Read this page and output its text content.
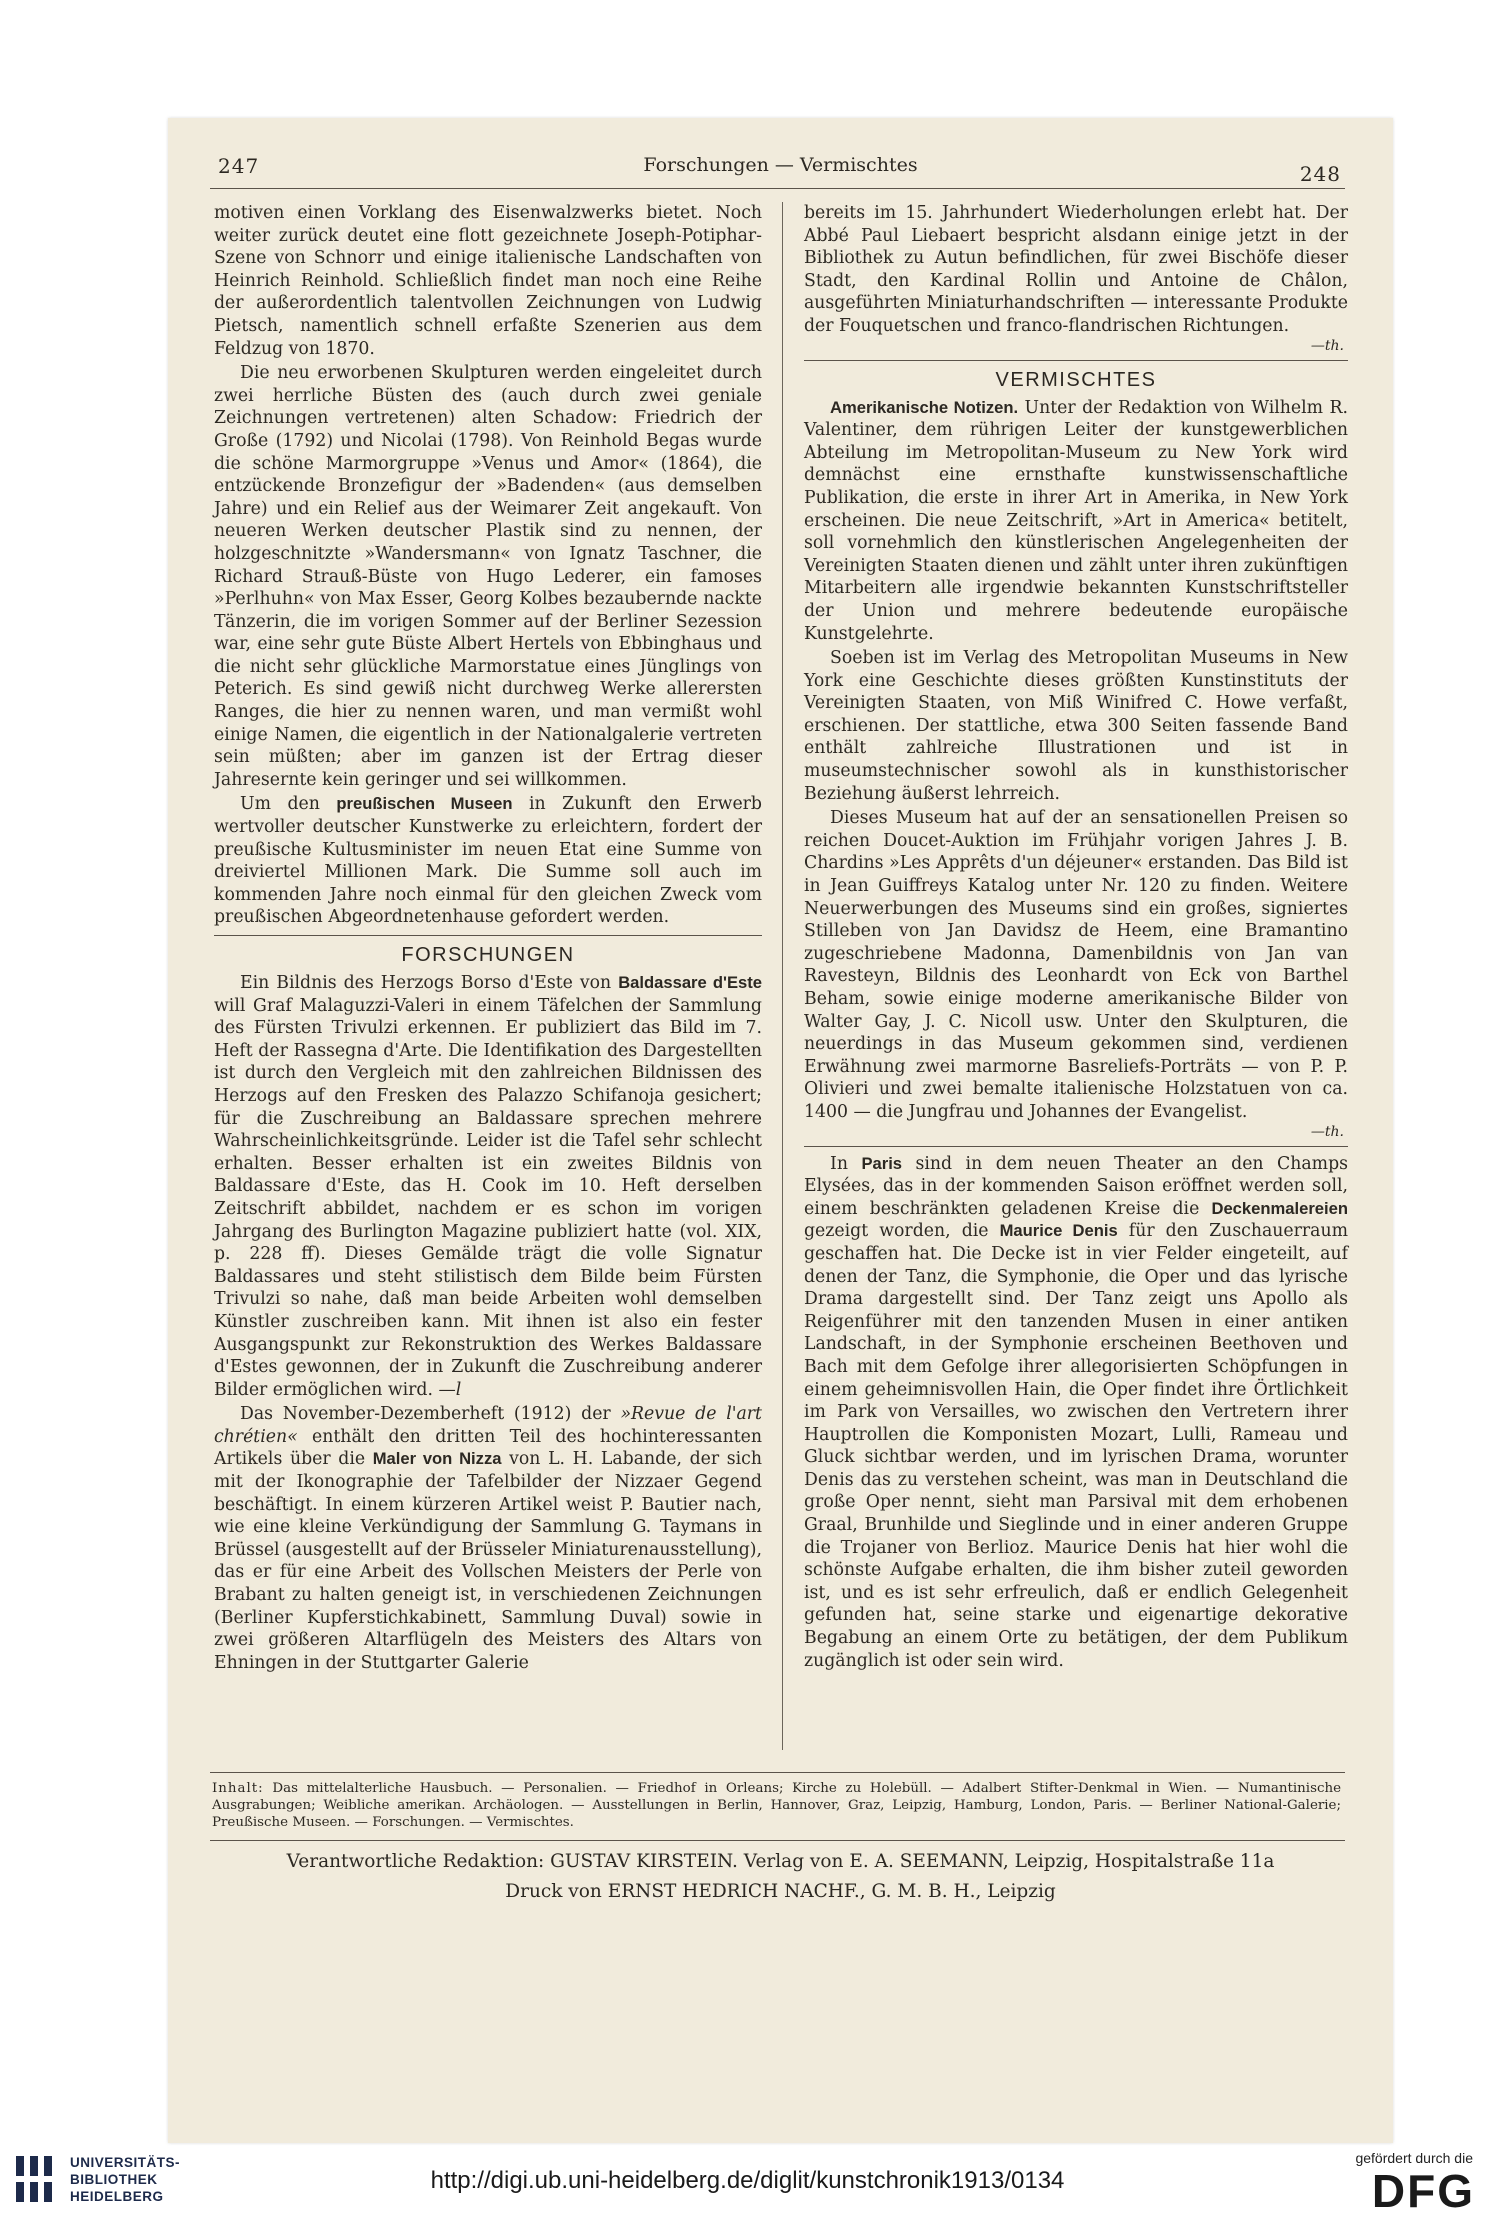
247	Forschungen — Vermischtes	248

motiven einen Vorklang des Eisenwalzwerks bietet. Noch weiter zurück deutet eine flott gezeichnete Joseph-Potiphar-Szene von Schnorr und einige italienische Landschaften von Heinrich Reinhold. Schließlich findet man noch eine Reihe der außerordentlich talentvollen Zeichnungen von Ludwig Pietsch, namentlich schnell erfaßte Szenerien aus dem Feldzug von 1870.

Die neu erworbenen Skulpturen werden eingeleitet durch zwei herrliche Büsten des (auch durch zwei geniale Zeichnungen vertretenen) alten Schadow: Friedrich der Große (1792) und Nicolai (1798). Von Reinhold Begas wurde die schöne Marmorgruppe »Venus und Amor« (1864), die entzückende Bronzefigur der »Badenden« (aus demselben Jahre) und ein Relief aus der Weimarer Zeit angekauft. Von neueren Werken deutscher Plastik sind zu nennen, der holzgeschnitzte »Wandersmann« von Ignatz Taschner, die Richard Strauß-Büste von Hugo Lederer, ein famoses »Perlhuhn« von Max Esser, Georg Kolbes bezaubernde nackte Tänzerin, die im vorigen Sommer auf der Berliner Sezession war, eine sehr gute Büste Albert Hertels von Ebbinghaus und die nicht sehr glückliche Marmorstatue eines Jünglings von Peterich. Es sind gewiß nicht durchweg Werke allerersten Ranges, die hier zu nennen waren, und man vermißt wohl einige Namen, die eigentlich in der Nationalgalerie vertreten sein müßten; aber im ganzen ist der Ertrag dieser Jahresernte kein geringer und sei willkommen.

Um den preußischen Museen in Zukunft den Erwerb wertvoller deutscher Kunstwerke zu erleichtern, fordert der preußische Kultusminister im neuen Etat eine Summe von dreiviertel Millionen Mark. Die Summe soll auch im kommenden Jahre noch einmal für den gleichen Zweck vom preußischen Abgeordnetenhause gefordert werden.

FORSCHUNGEN

Ein Bildnis des Herzogs Borso d'Este von Baldassare d'Este will Graf Malaguzzi-Valeri in einem Täfelchen der Sammlung des Fürsten Trivulzi erkennen. Er publiziert das Bild im 7. Heft der Rassegna d'Arte. Die Identifikation des Dargestellten ist durch den Vergleich mit den zahlreichen Bildnissen des Herzogs auf den Fresken des Palazzo Schifanoja gesichert; für die Zuschreibung an Baldassare sprechen mehrere Wahrscheinlichkeitsgründe. Leider ist die Tafel sehr schlecht erhalten. Besser erhalten ist ein zweites Bildnis von Baldassare d'Este, das H. Cook im 10. Heft derselben Zeitschrift abbildet, nachdem er es schon im vorigen Jahrgang des Burlington Magazine publiziert hatte (vol. XIX, p. 228 ff). Dieses Gemälde trägt die volle Signatur Baldassares und steht stilistisch dem Bilde beim Fürsten Trivulzi so nahe, daß man beide Arbeiten wohl demselben Künstler zuschreiben kann. Mit ihnen ist also ein fester Ausgangspunkt zur Rekonstruktion des Werkes Baldassare d'Estes gewonnen, der in Zukunft die Zuschreibung anderer Bilder ermöglichen wird. —l

Das November-Dezemberheft (1912) der »Revue de l'art chrétien« enthält den dritten Teil des hochinteressanten Artikels über die Maler von Nizza von L. H. Labande, der sich mit der Ikonographie der Tafelbilder der Nizzaer Gegend beschäftigt. In einem kürzeren Artikel weist P. Bautier nach, wie eine kleine Verkündigung der Sammlung G. Taymans in Brüssel (ausgestellt auf der Brüsseler Miniaturenausstellung), das er für eine Arbeit des Vollschen Meisters der Perle von Brabant zu halten geneigt ist, in verschiedenen Zeichnungen (Berliner Kupferstichkabinett, Sammlung Duval) sowie in zwei größeren Altarflügeln des Meisters des Altars von Ehningen in der Stuttgarter Galerie

bereits im 15. Jahrhundert Wiederholungen erlebt hat. Der Abbé Paul Liebaert bespricht alsdann einige jetzt in der Bibliothek zu Autun befindlichen, für zwei Bischöfe dieser Stadt, den Kardinal Rollin und Antoine de Châlon, ausgeführten Miniaturhandschriften — interessante Produkte der Fouquetschen und franco-flandrischen Richtungen.

—th.
VERMISCHTES

Amerikanische Notizen. Unter der Redaktion von Wilhelm R. Valentiner, dem rührigen Leiter der kunstgewerblichen Abteilung im Metropolitan-Museum zu New York wird demnächst eine ernsthafte kunstwissenschaftliche Publikation, die erste in ihrer Art in Amerika, in New York erscheinen. Die neue Zeitschrift, »Art in America« betitelt, soll vornehmlich den künstlerischen Angelegenheiten der Vereinigten Staaten dienen und zählt unter ihren zukünftigen Mitarbeitern alle irgendwie bekannten Kunstschriftsteller der Union und mehrere bedeutende europäische Kunstgelehrte.

Soeben ist im Verlag des Metropolitan Museums in New York eine Geschichte dieses größten Kunstinstituts der Vereinigten Staaten, von Miß Winifred C. Howe verfaßt, erschienen. Der stattliche, etwa 300 Seiten fassende Band enthält zahlreiche Illustrationen und ist in museumstechnischer sowohl als in kunsthistorischer Beziehung äußerst lehrreich.

Dieses Museum hat auf der an sensationellen Preisen so reichen Doucet-Auktion im Frühjahr vorigen Jahres J. B. Chardins »Les Apprêts d'un déjeuner« erstanden. Das Bild ist in Jean Guiffreys Katalog unter Nr. 120 zu finden. Weitere Neuerwerbungen des Museums sind ein großes, signiertes Stilleben von Jan Davidsz de Heem, eine Bramantino zugeschriebene Madonna, Damenbildnis von Jan van Ravesteyn, Bildnis des Leonhardt von Eck von Barthel Beham, sowie einige moderne amerikanische Bilder von Walter Gay, J. C. Nicoll usw. Unter den Skulpturen, die neuerdings in das Museum gekommen sind, verdienen Erwähnung zwei marmorne Basreliefs-Porträts — von P. P. Olivieri und zwei bemalte italienische Holzstatuen von ca. 1400 — die Jungfrau und Johannes der Evangelist.

—th.

In Paris sind in dem neuen Theater an den Champs Elysées, das in der kommenden Saison eröffnet werden soll, einem beschränkten geladenen Kreise die Deckenmalereien gezeigt worden, die Maurice Denis für den Zuschauerraum geschaffen hat. Die Decke ist in vier Felder eingeteilt, auf denen der Tanz, die Symphonie, die Oper und das lyrische Drama dargestellt sind. Der Tanz zeigt uns Apollo als Reigenführer mit den tanzenden Musen in einer antiken Landschaft, in der Symphonie erscheinen Beethoven und Bach mit dem Gefolge ihrer allegorisierten Schöpfungen in einem geheimnisvollen Hain, die Oper findet ihre Örtlichkeit im Park von Versailles, wo zwischen den Vertretern ihrer Hauptrollen die Komponisten Mozart, Lulli, Rameau und Gluck sichtbar werden, und im lyrischen Drama, worunter Denis das zu verstehen scheint, was man in Deutschland die große Oper nennt, sieht man Parsival mit dem erhobenen Graal, Brunhilde und Sieglinde und in einer anderen Gruppe die Trojaner von Berlioz. Maurice Denis hat hier wohl die schönste Aufgabe erhalten, die ihm bisher zuteil geworden ist, und es ist sehr erfreulich, daß er endlich Gelegenheit gefunden hat, seine starke und eigenartige dekorative Begabung an einem Orte zu betätigen, der dem Publikum zugänglich ist oder sein wird.

Inhalt: Das mittelalterliche Hausbuch. — Personalien. — Friedhof in Orleans; Kirche zu Holebüll. — Adalbert Stifter-Denkmal in Wien. — Numantinische Ausgrabungen; Weibliche amerikan. Archäologen. — Ausstellungen in Berlin, Hannover, Graz, Leipzig, Hamburg, London, Paris. — Berliner National-Galerie; Preußische Museen. — Forschungen. — Vermischtes.
Verantwortliche Redaktion: GUSTAV KIRSTEIN. Verlag von E. A. SEEMANN, Leipzig, Hospitalstraße 11a
Druck von ERNST HEDRICH NACHF., G. M. B. H., Leipzig
UNIVERSITÄTS-
BIBLIOTHEK
HEIDELBERG
http://digi.ub.uni-heidelberg.de/diglit/kunstchronik1913/0134
gefördert durch die
DFG
